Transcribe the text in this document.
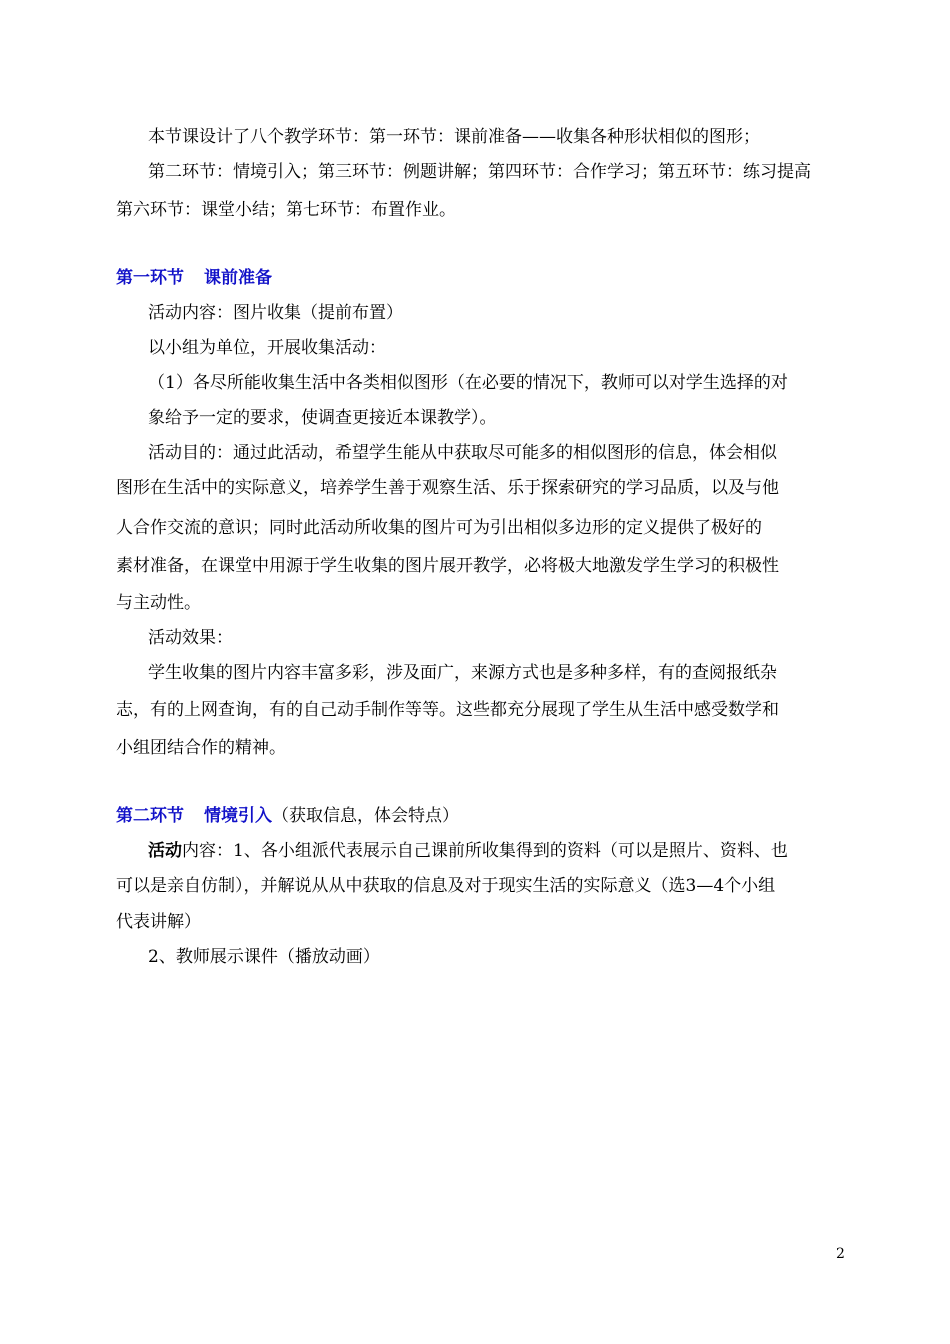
本节课设计了八个教学环节：第一环节：课前准备——收集各种形状相似的图形；
第二环节：情境引入；第三环节：例题讲解；第四环节：合作学习；第五环节：练习提高
第六环节：课堂小结；第七环节：布置作业。
第一环节 课前准备
活动内容：图片收集（提前布置）
以小组为单位，开展收集活动：
（1）各尽所能收集生活中各类相似图形（在必要的情况下，教师可以对学生选择的对
象给予一定的要求，使调查更接近本课教学）。
活动目的：通过此活动，希望学生能从中获取尽可能多的相似图形的信息，体会相似
图形在生活中的实际意义，培养学生善于观察生活、乐于探索研究的学习品质，以及与他
人合作交流的意识；同时此活动所收集的图片可为引出相似多边形的定义提供了极好的
素材准备，在课堂中用源于学生收集的图片展开教学，必将极大地激发学生学习的积极性
与主动性。
活动效果：
学生收集的图片内容丰富多彩，涉及面广，来源方式也是多种多样，有的查阅报纸杂
志，有的上网查询，有的自己动手制作等等。这些都充分展现了学生从生活中感受数学和
小组团结合作的精神。
第二环节 情境引入（获取信息，体会特点）
活动内容：1、各小组派代表展示自己课前所收集得到的资料（可以是照片、资料、也
可以是亲自仿制），并解说从从中获取的信息及对于现实生活的实际意义（选3—4个小组
代表讲解）
2、教师展示课件（播放动画）
2
